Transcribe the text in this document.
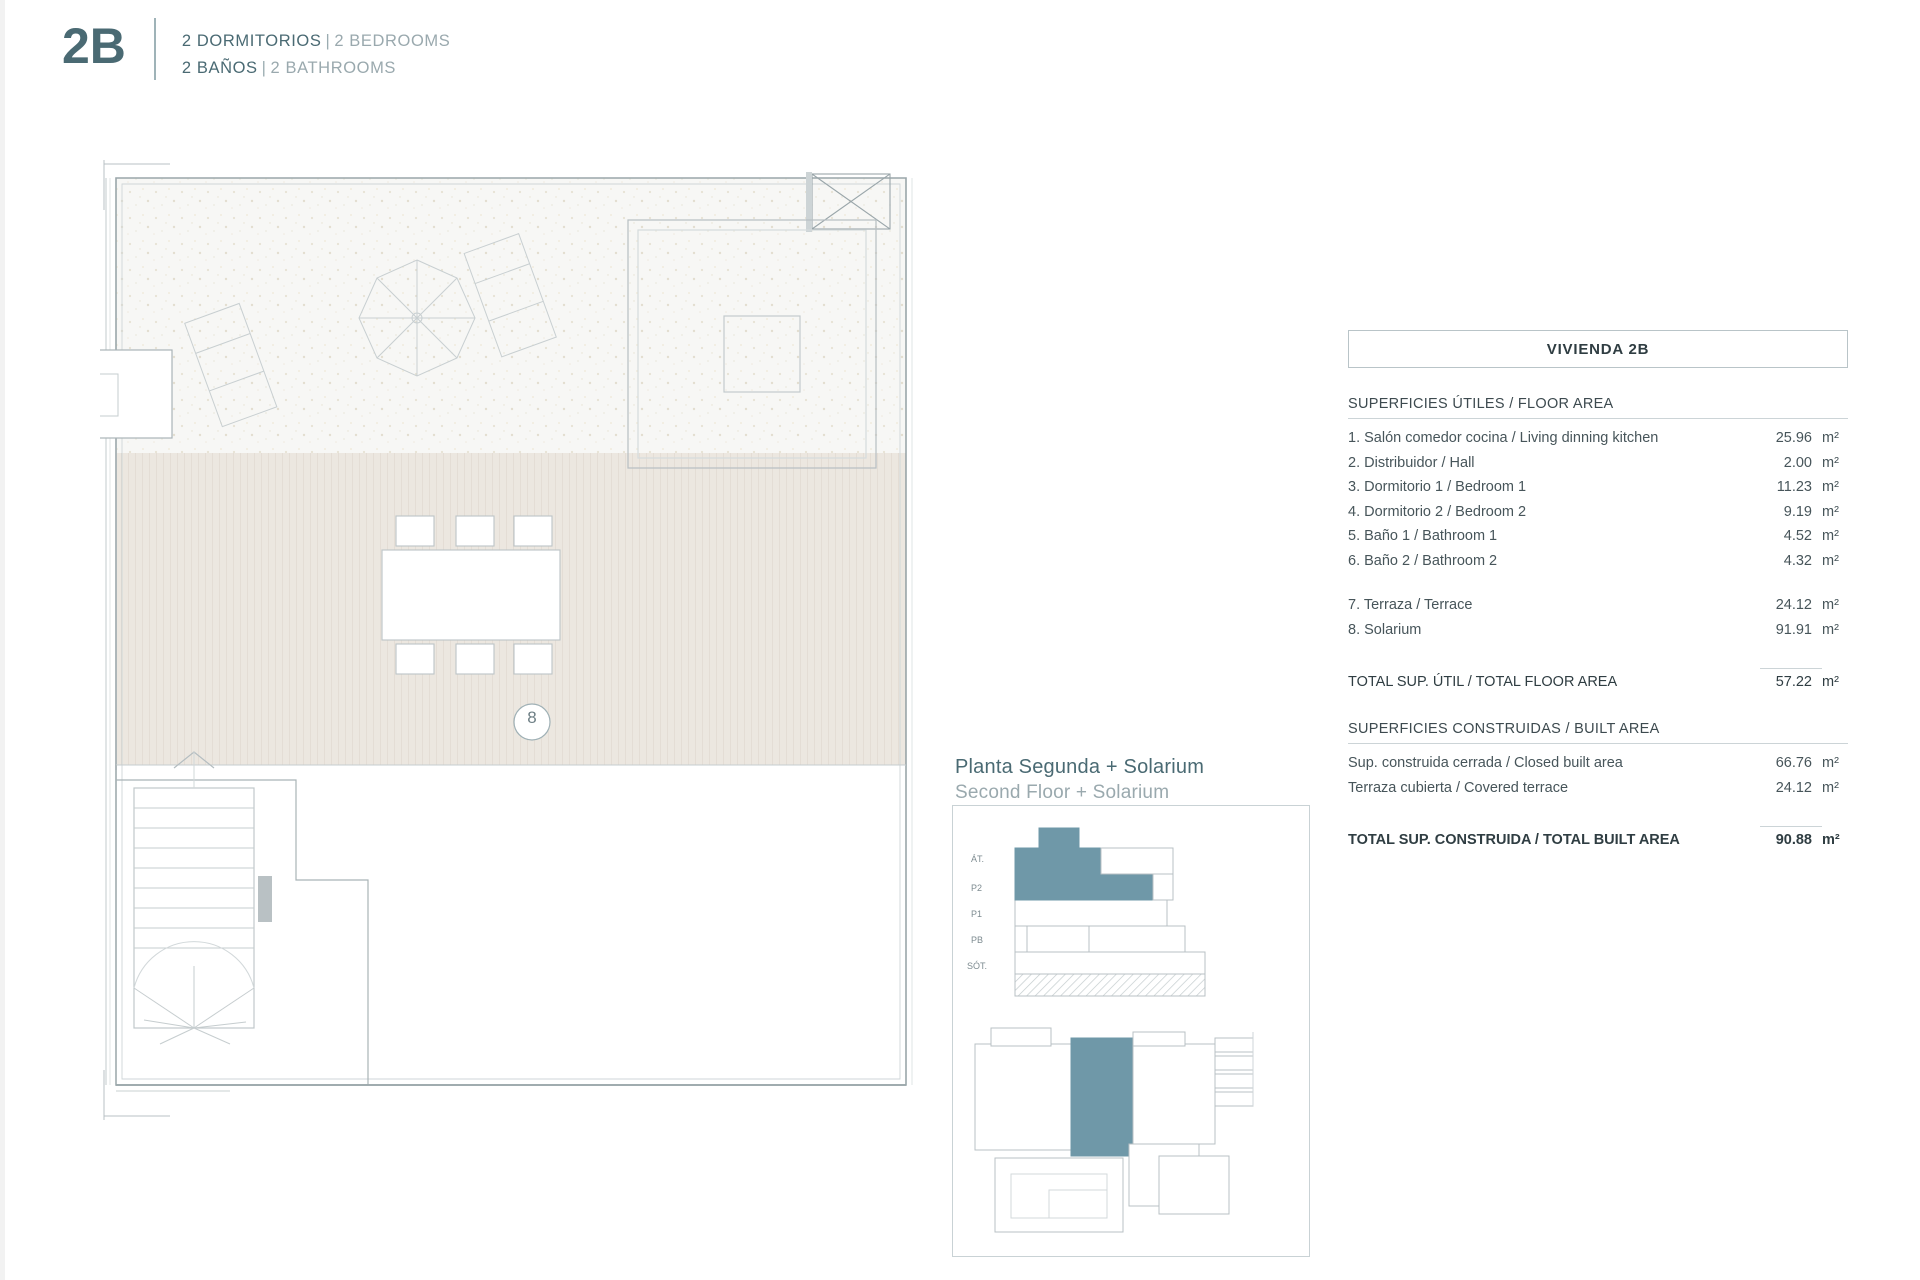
2B	2 DORMITORIOS | 2 BEDROOMS
2 BAÑOS | 2 BATHROOMS
8
Planta Segunda + Solarium
Second Floor + Solarium
ÁT.
P2
P1
PB
SÓT.
VIVIENDA 2B
SUPERFICIES ÚTILES / FLOOR AREA
1. Salón comedor cocina / Living dinning kitchen	25.96 m²
2. Distribuidor / Hall	2.00 m²
3. Dormitorio 1 / Bedroom 1	11.23 m²
4. Dormitorio 2 / Bedroom 2	9.19 m²
5. Baño 1 / Bathroom 1	4.52 m²
6. Baño 2 / Bathroom 2	4.32 m²
7. Terraza / Terrace	24.12 m²
8. Solarium	91.91 m²
TOTAL SUP. ÚTIL / TOTAL FLOOR AREA	57.22 m²
SUPERFICIES CONSTRUIDAS / BUILT AREA
Sup. construida cerrada / Closed built area	66.76 m²
Terraza cubierta / Covered terrace	24.12 m²
TOTAL SUP. CONSTRUIDA / TOTAL BUILT AREA	90.88 m²
